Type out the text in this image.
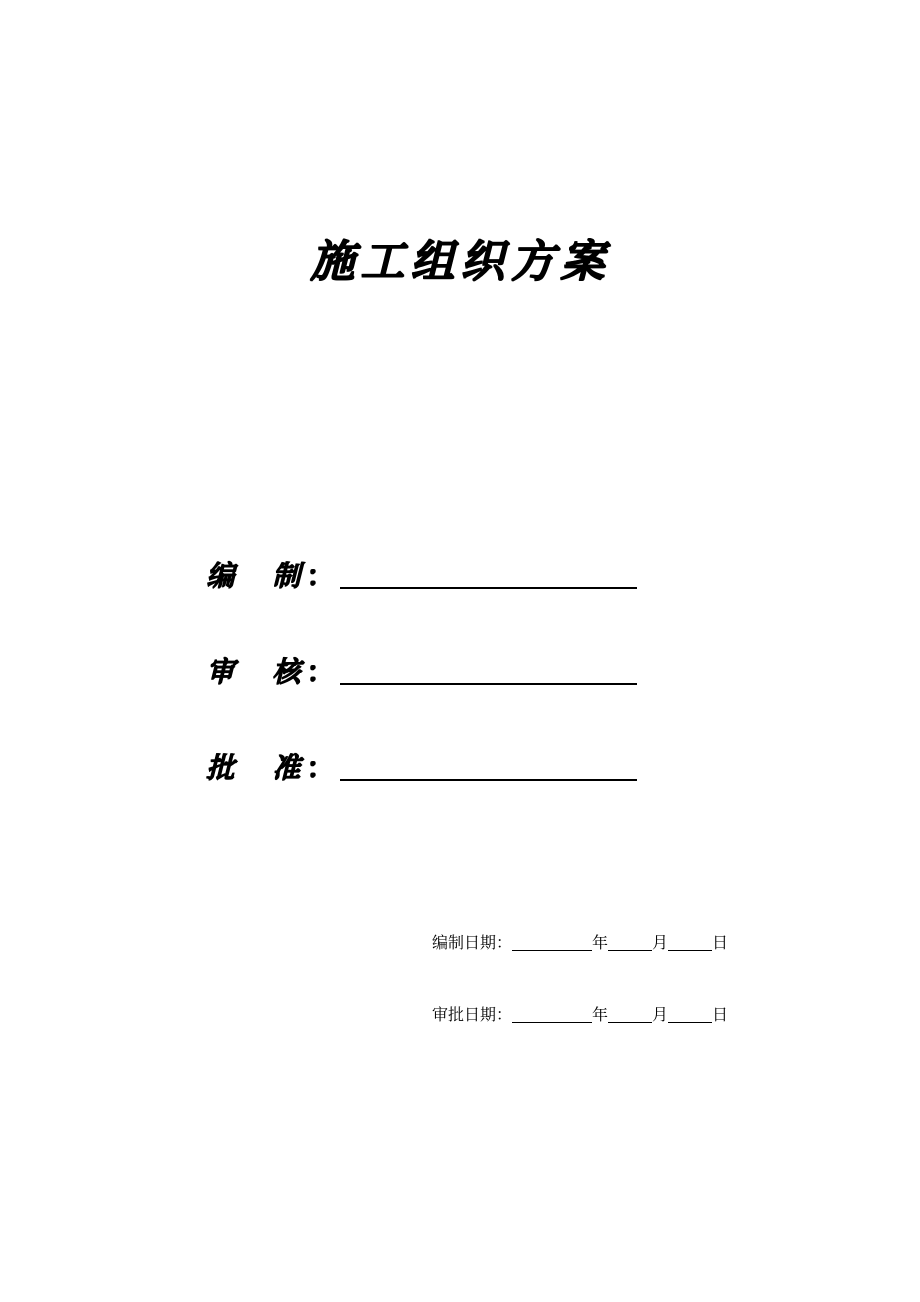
施工组织方案
编 制 ：
审 核 ：
批 准 ：
编制日期：	年	月	日
审批日期：	年	月	日
